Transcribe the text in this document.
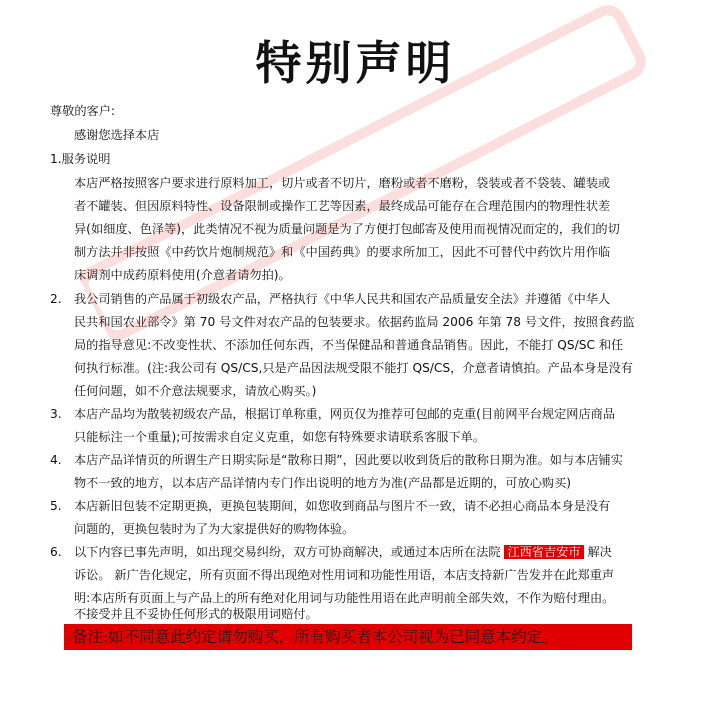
特别声明
尊敬的客户:
感谢您选择本店
1.服务说明
本店严格按照客户要求进行原料加工，切片或者不切片，磨粉或者不磨粉，袋装或者不袋装、罐装或
者不罐装、但因原料特性、设备限制或操作工艺等因素，最终成品可能存在合理范围内的物理性状差
异(如细度、色泽等)，此类情况不视为质量问题是为了方便打包邮寄及使用而视情况而定的，我们的切
制方法并非按照《中药饮片炮制规范》和《中国药典》的要求所加工，因此不可替代中药饮片用作临
床调剂中成药原料使用(介意者请勿拍)。
2. 我公司销售的产品属于初级农产品，严格执行《中华人民共和国农产品质量安全法》并遵循《中华人
民共和国农业部令》第 70 号文件对农产品的包装要求。依据药监局 2006 年第 78 号文件，按照食药监
局的指导意见:不改变性状、不添加任何东西，不当保健品和普通食品销售。因此，不能打 QS/SC 和任
何执行标准。(注:我公司有 QS/CS,只是产品因法规受限不能打 QS/CS，介意者请慎拍。产品本身是没有
任何问题，如不介意法规要求，请放心购买。)
3. 本店产品均为散装初级农产品，根据订单称重，网页仅为推荐可包邮的克重(目前网平台规定网店商品
只能标注一个重量);可按需求自定义克重，如您有特殊要求请联系客服下单。
4. 本店产品详情页的所谓生产日期实际是“散称日期”，因此要以收到货后的散称日期为准。如与本店铺实
物不一致的地方，以本店产品详情内专门作出说明的地方为准(产品都是近期的，可放心购买)
5. 本店新旧包装不定期更换，更换包装期间，如您收到商品与图片不一致，请不必担心商品本身是没有
问题的，更换包装时为了为大家提供好的购物体验。
6. 以下内容已事先声明，如出现交易纠纷，双方可协商解决，或通过本店所在法院 江西省吉安市 解决
诉讼。 新广告化规定，所有页面不得出现绝对性用词和功能性用语，本店支持新广告发并在此郑重声
明:本店所有页面上与产品上的所有绝对化用词与功能性用语在此声明前全部失效，不作为赔付理由。
不接受并且不妥协任何形式的极限用词赔付。
备注:如不同意此约定请勿购买，所有购买者本公司视为已同意本约定。
